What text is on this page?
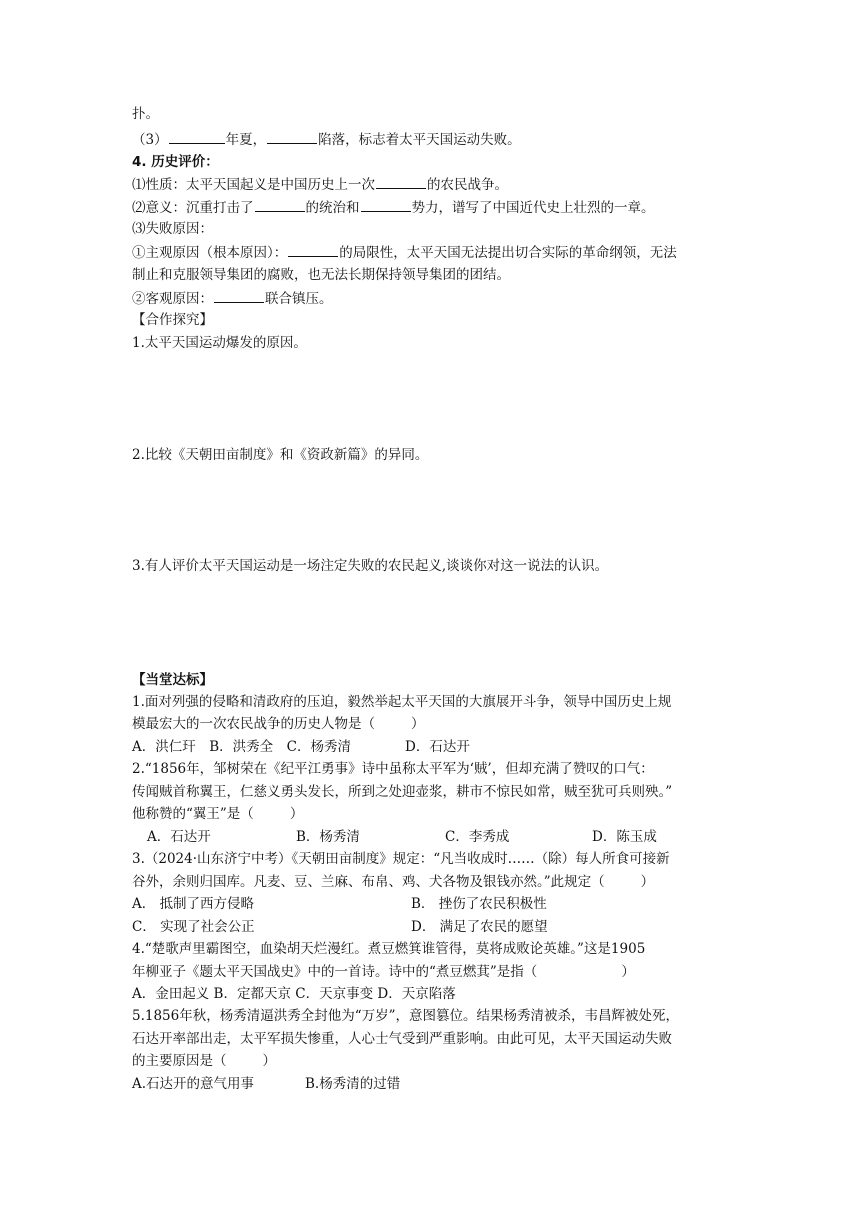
扑。
（3）	年夏，	陷落，标志着太平天国运动失败。
4. 历史评价：
⑴性质：太平天国起义是中国历史上一次	的农民战争。
⑵意义：沉重打击了	的统治和	势力，谱写了中国近代史上壮烈的一章。
⑶失败原因：
①主观原因（根本原因）：	的局限性，太平天国无法提出切合实际的革命纲领，无法
制止和克服领导集团的腐败，也无法长期保持领导集团的团结。
②客观原因：	联合镇压。
【合作探究】
1.太平天国运动爆发的原因。
2.比较《天朝田亩制度》和《资政新篇》的异同。
3.有人评价太平天国运动是一场注定失败的农民起义,谈谈你对这一说法的认识。
【当堂达标】
1.面对列强的侵略和清政府的压迫，毅然举起太平天国的大旗展开斗争，领导中国历史上规
模最宏大的一次农民战争的历史人物是（	）
A．洪仁玕　B．洪秀全　C．杨秀清　　　　D．石达开
2.“1856年，邹树荣在《纪平江勇事》诗中虽称太平军为‘贼’，但却充满了赞叹的口气：
传闻贼首称翼王，仁慈义勇头发长，所到之处迎壶浆，耕市不惊民如常，贼至犹可兵则殃。”
他称赞的“翼王”是（	）
A．石达开	B．杨秀清	C．李秀成	D．陈玉成
3.（2024·山东济宁中考）《天朝田亩制度》规定：“凡当收成时……（除）每人所食可接新
谷外，余则归国库。凡麦、豆、兰麻、布帛、鸡、犬各物及银钱亦然。”此规定（	）
A． 抵制了西方侵略	B． 挫伤了农民积极性
C． 实现了社会公正	D． 满足了农民的愿望
4.“楚歌声里霸图空，血染胡天烂漫红。煮豆燃箕谁管得，莫将成败论英雄。”这是1905
年柳亚子《题太平天国战史》中的一首诗。诗中的“煮豆燃萁”是指（	）
A．金田起义 B．定都天京 C．天京事变 D．天京陷落
5.1856年秋，杨秀清逼洪秀全封他为“万岁”，意图篡位。结果杨秀清被杀，韦昌辉被处死，
石达开率部出走，太平军损失惨重，人心士气受到严重影响。由此可见，太平天国运动失败
的主要原因是（	）
A.石达开的意气用事	B.杨秀清的过错
